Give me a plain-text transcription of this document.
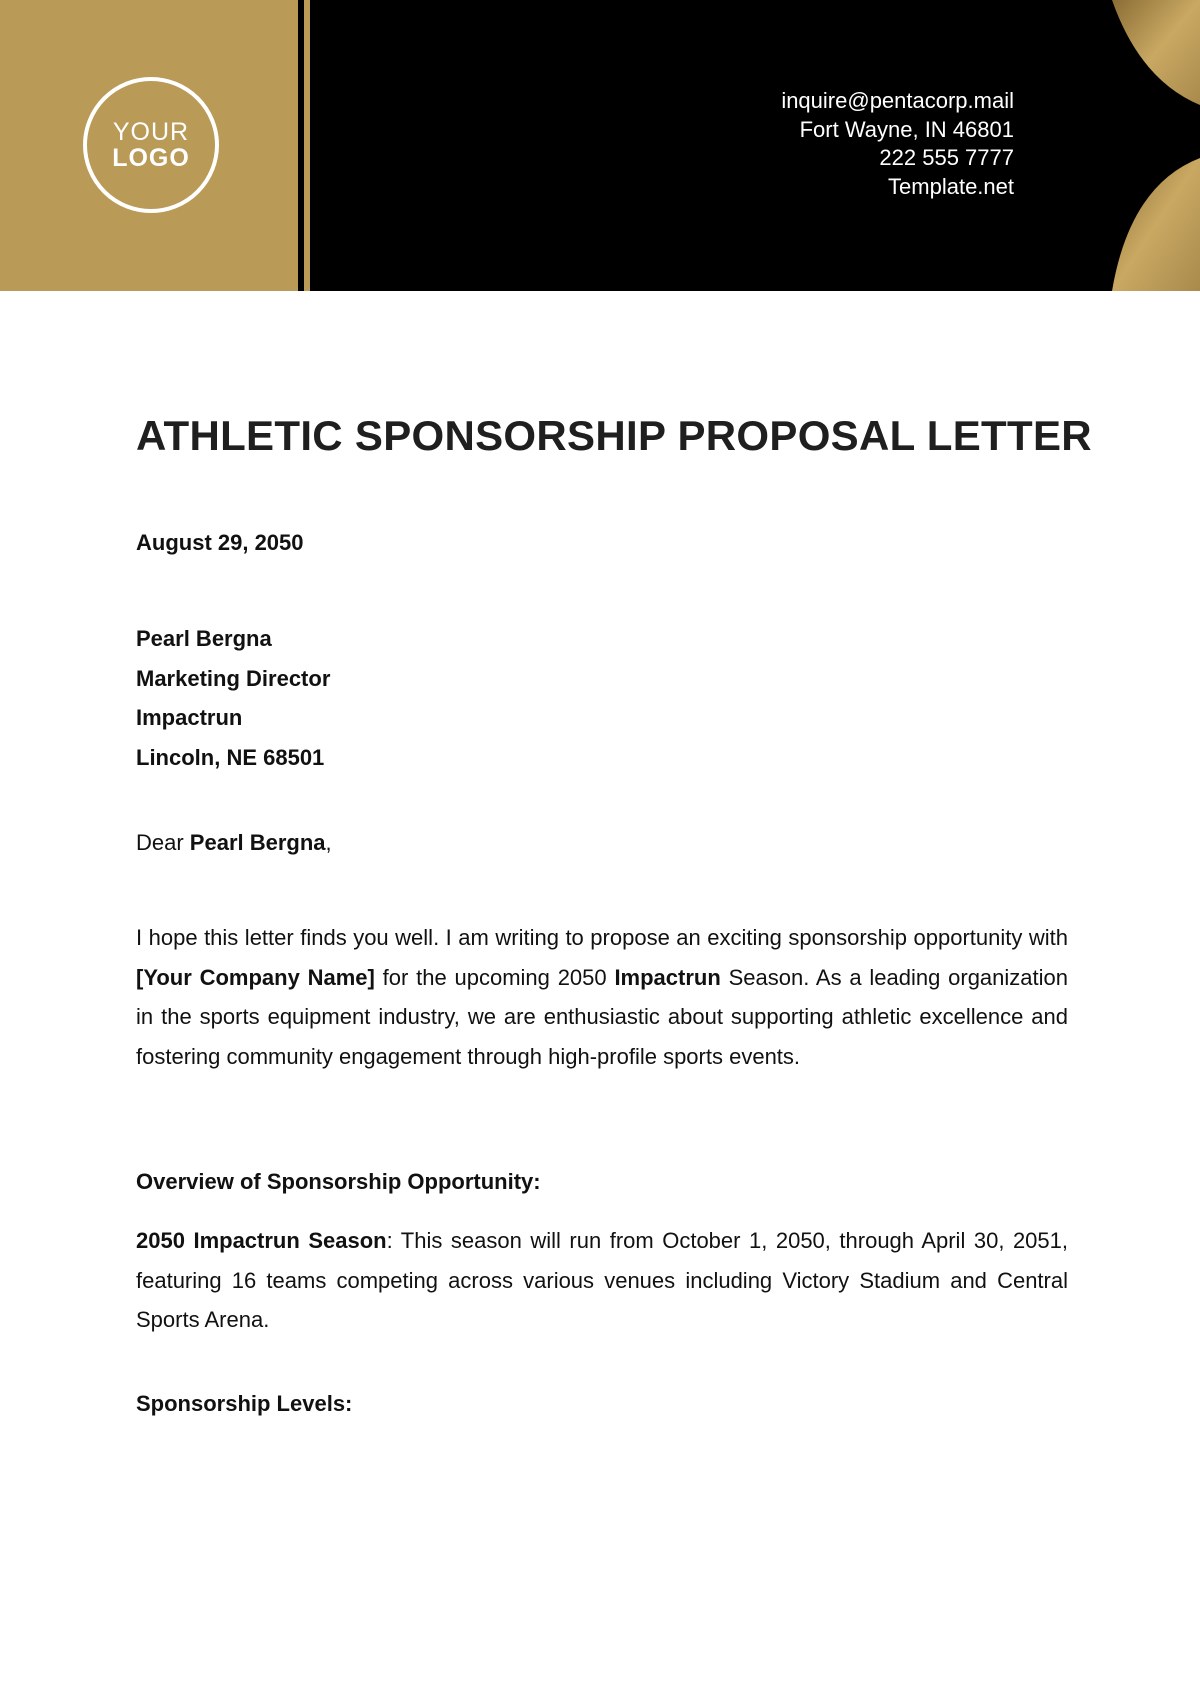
YOUR
LOGO
inquire@pentacorp.mail
Fort Wayne, IN 46801
222 555 7777
Template.net
ATHLETIC SPONSORSHIP PROPOSAL LETTER
August 29, 2050
Pearl Bergna
Marketing Director
Impactrun
Lincoln, NE 68501
Dear Pearl Bergna,

I hope this letter finds you well. I am writing to propose an exciting sponsorship opportunity with [Your Company Name] for the upcoming 2050 Impactrun Season. As a leading organization in the sports equipment industry, we are enthusiastic about supporting athletic excellence and fostering community engagement through high-profile sports events.

Overview of Sponsorship Opportunity:

2050 Impactrun Season: This season will run from October 1, 2050, through April 30, 2051, featuring 16 teams competing across various venues including Victory Stadium and Central Sports Arena.

Sponsorship Levels:
